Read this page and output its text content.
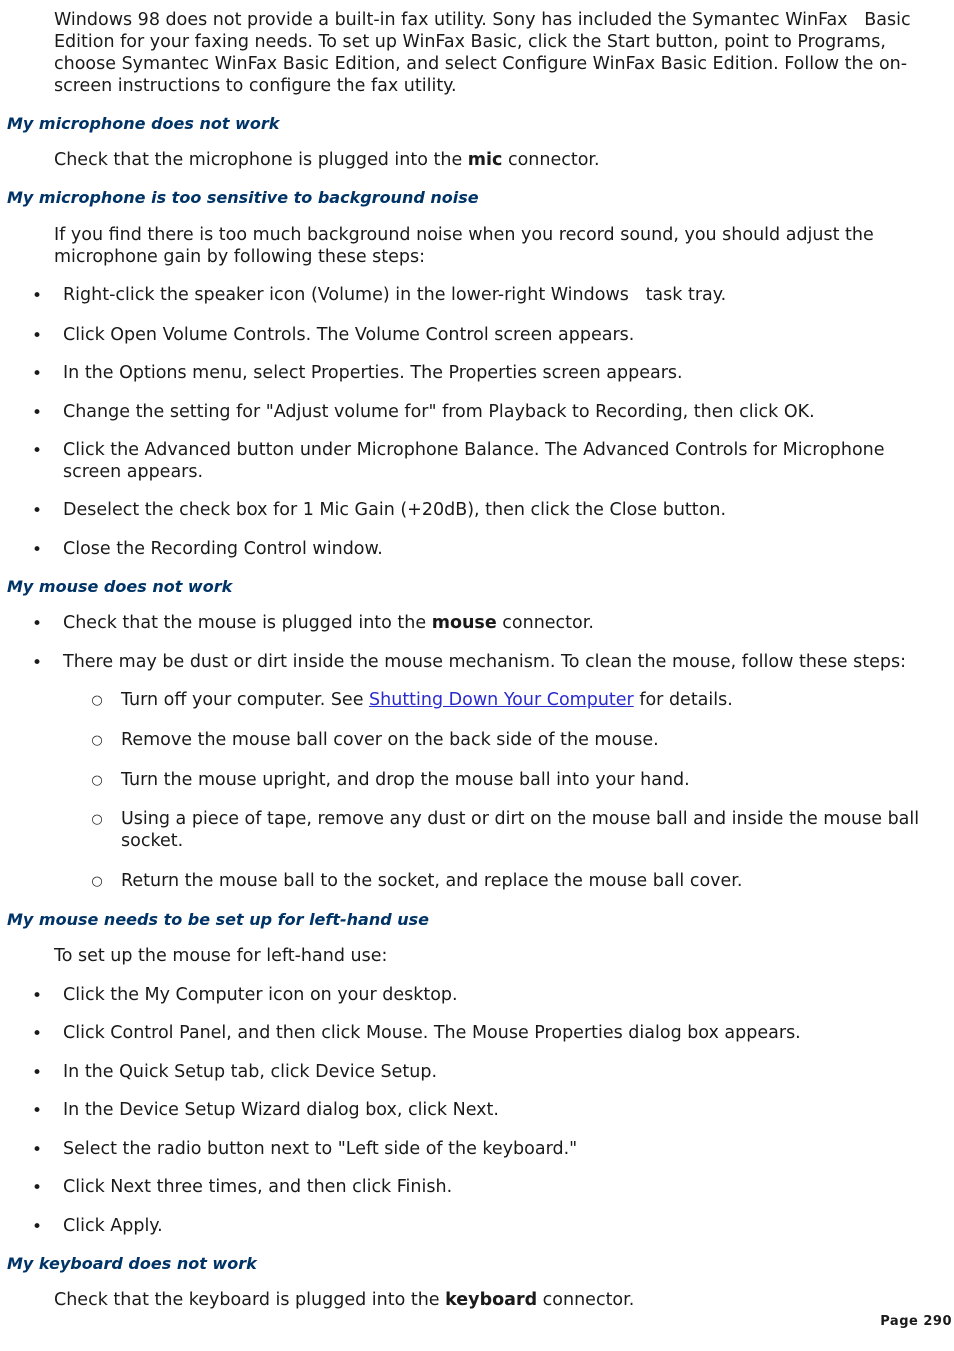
Windows 98 does not provide a built-in fax utility. Sony has included the Symantec WinFax   Basic Edition for your faxing needs. To set up WinFax Basic, click the Start button, point to Programs, choose Symantec WinFax Basic Edition, and select Configure WinFax Basic Edition. Follow the on-screen instructions to configure the fax utility.

My microphone does not work

Check that the microphone is plugged into the mic connector.

My microphone is too sensitive to background noise

If you find there is too much background noise when you record sound, you should adjust the microphone gain by following these steps:

• Right-click the speaker icon (Volume) in the lower-right Windows   task tray.

• Click Open Volume Controls. The Volume Control screen appears.

• In the Options menu, select Properties. The Properties screen appears.

• Change the setting for "Adjust volume for" from Playback to Recording, then click OK.

• Click the Advanced button under Microphone Balance. The Advanced Controls for Microphone screen appears.

• Deselect the check box for 1 Mic Gain (+20dB), then click the Close button.

• Close the Recording Control window.

My mouse does not work
• Check that the mouse is plugged into the mouse connector.

• There may be dust or dirt inside the mouse mechanism. To clean the mouse, follow these steps:

○ Turn off your computer. See Shutting Down Your Computer for details.

○ Remove the mouse ball cover on the back side of the mouse.

○ Turn the mouse upright, and drop the mouse ball into your hand.

○ Using a piece of tape, remove any dust or dirt on the mouse ball and inside the mouse ball socket.

○ Return the mouse ball to the socket, and replace the mouse ball cover.

My mouse needs to be set up for left-hand use

To set up the mouse for left-hand use:

• Click the My Computer icon on your desktop.

• Click Control Panel, and then click Mouse. The Mouse Properties dialog box appears.

• In the Quick Setup tab, click Device Setup.

• In the Device Setup Wizard dialog box, click Next.

• Select the radio button next to "Left side of the keyboard."

• Click Next three times, and then click Finish.

• Click Apply.

My keyboard does not work

Check that the keyboard is plugged into the keyboard connector.

Page 290
